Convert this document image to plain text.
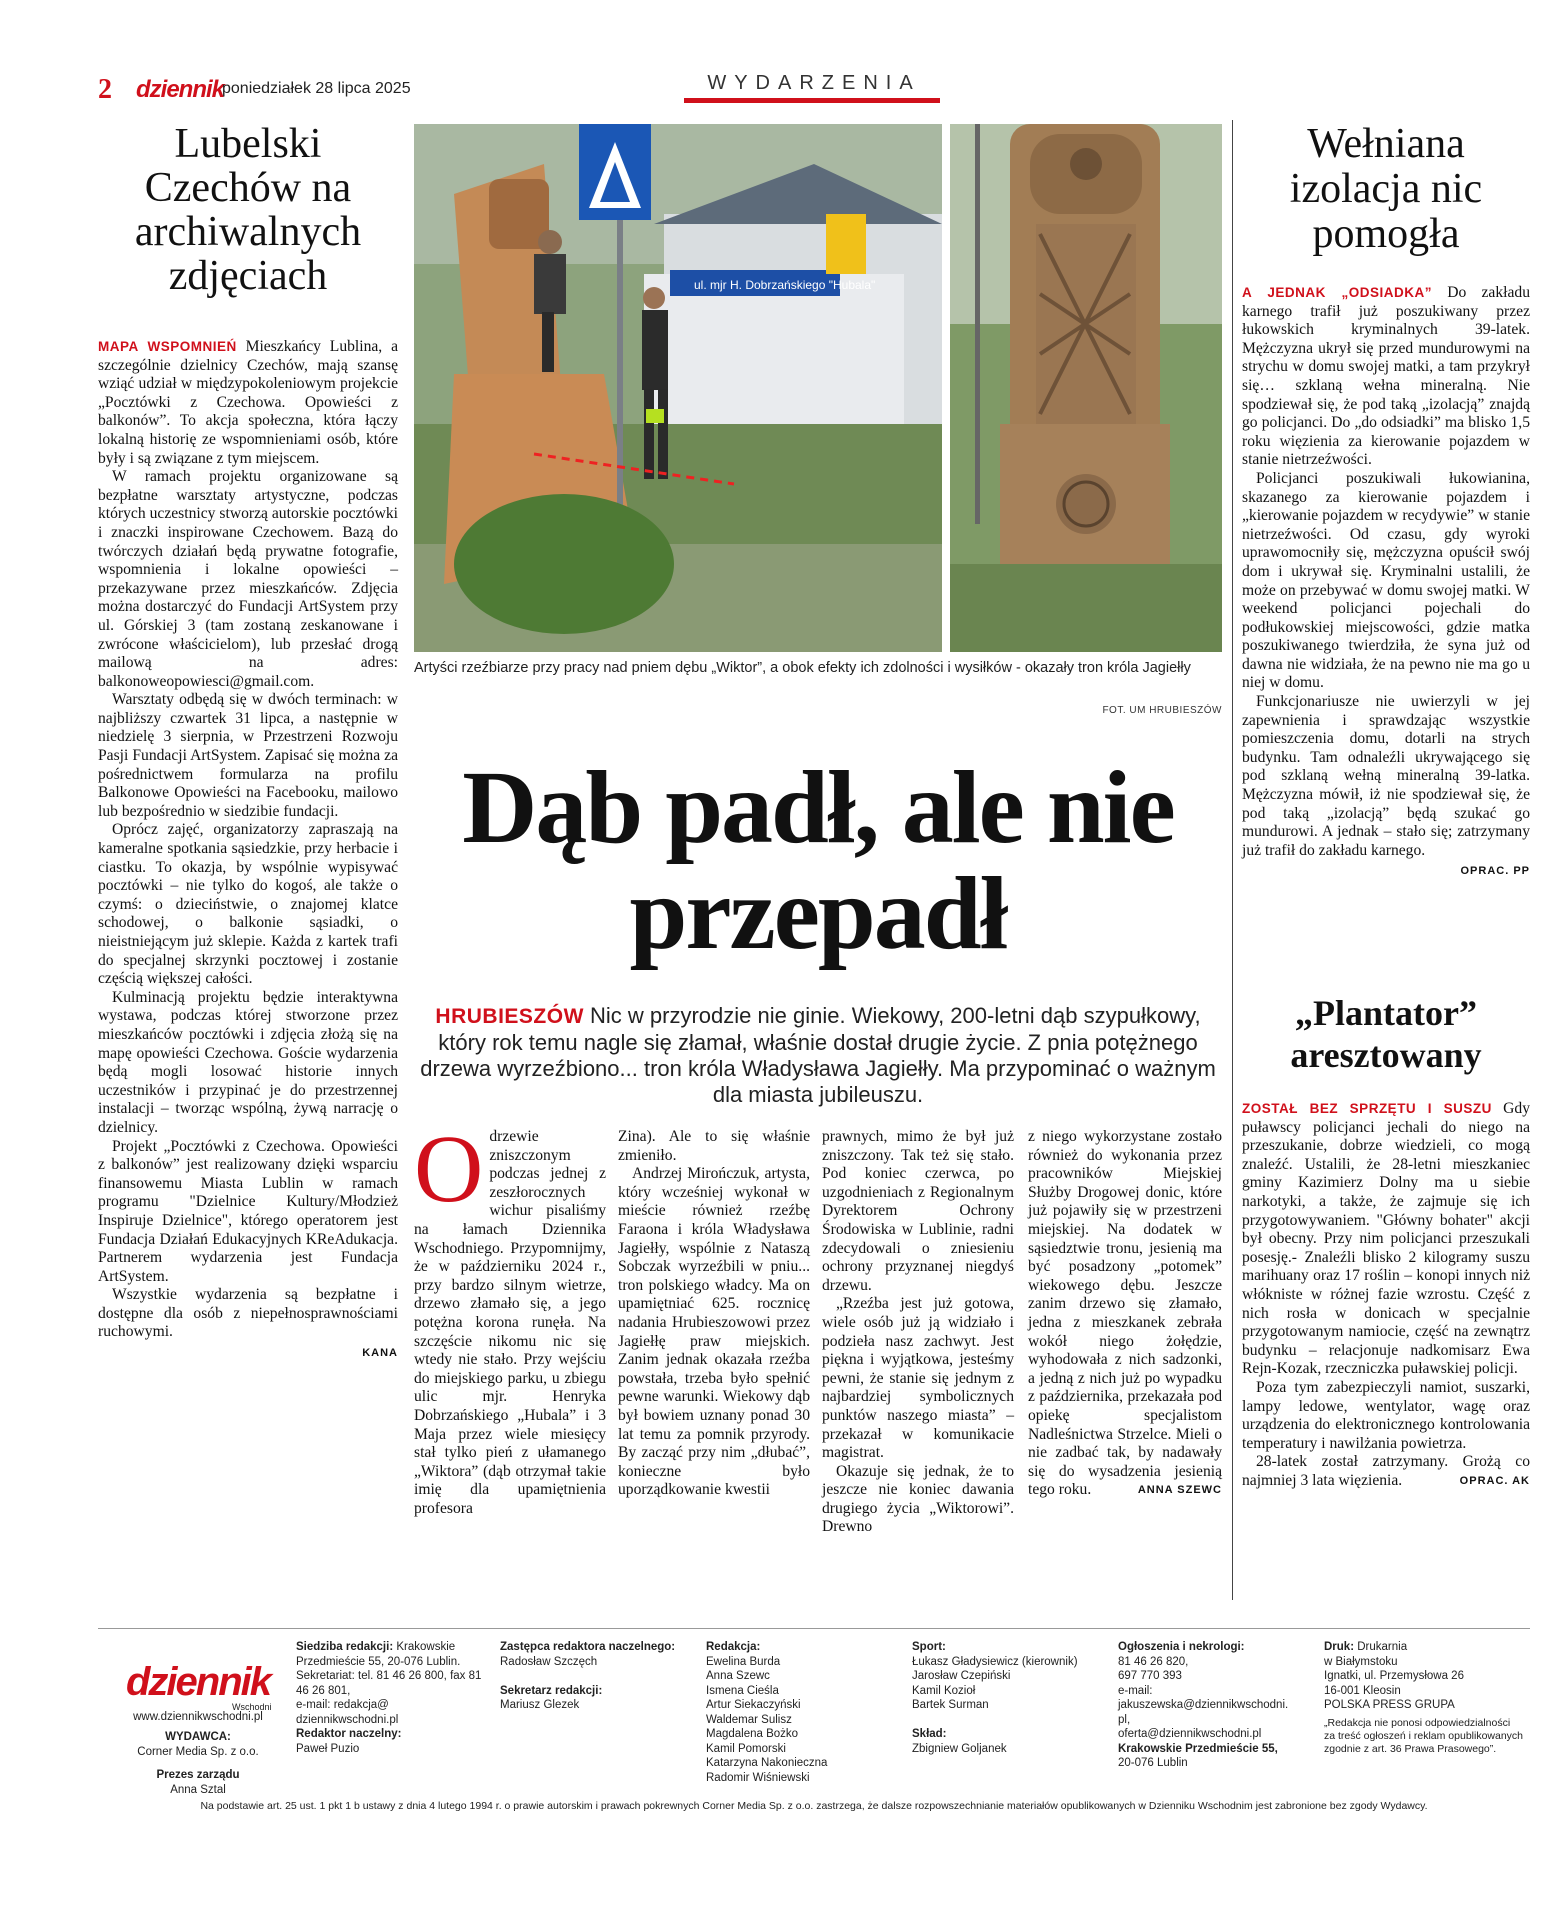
2 dziennik
poniedziałek 28 lipca 2025	WYDARZENIA
Lubelski Czechów na archiwalnych zdjęciach

MAPA WSPOMNIEŃ Mieszkańcy Lublina, a szczególnie dzielnicy Czechów, mają szansę wziąć udział w międzypokoleniowym projekcie „Pocztówki z Czechowa. Opowieści z balkonów”. To akcja społeczna, która łączy lokalną historię ze wspomnieniami osób, które były i są związane z tym miejscem.

W ramach projektu organizowane są bezpłatne warsztaty artystyczne, podczas których uczestnicy stworzą autorskie pocztówki i znaczki inspirowane Czechowem. Bazą do twórczych działań będą prywatne fotografie, wspomnienia i lokalne opowieści – przekazywane przez mieszkańców. Zdjęcia można dostarczyć do Fundacji ArtSystem przy ul. Górskiej 3 (tam zostaną zeskanowane i zwrócone właścicielom), lub przesłać drogą mailową na adres: balkonoweopowiesci@gmail.com.

Warsztaty odbędą się w dwóch terminach: w najbliższy czwartek 31 lipca, a następnie w niedzielę 3 sierpnia, w Przestrzeni Rozwoju Pasji Fundacji ArtSystem. Zapisać się można za pośrednictwem formularza na profilu Balkonowe Opowieści na Facebooku, mailowo lub bezpośrednio w siedzibie fundacji.

Oprócz zajęć, organizatorzy zapraszają na kameralne spotkania sąsiedzkie, przy herbacie i ciastku. To okazja, by wspólnie wypisywać pocztówki – nie tylko do kogoś, ale także o czymś: o dzieciństwie, o znajomej klatce schodowej, o balkonie sąsiadki, o nieistniejącym już sklepie. Każda z kartek trafi do specjalnej skrzynki pocztowej i zostanie częścią większej całości.

Kulminacją projektu będzie interaktywna wystawa, podczas której stworzone przez mieszkańców pocztówki i zdjęcia złożą się na mapę opowieści Czechowa. Goście wydarzenia będą mogli losować historie innych uczestników i przypinać je do przestrzennej instalacji – tworząc wspólną, żywą narrację o dzielnicy.

Projekt „Pocztówki z Czechowa. Opowieści z balkonów” jest realizowany dzięki wsparciu finansowemu Miasta Lublin w ramach programu "Dzielnice Kultury/Młodzież Inspiruje Dzielnice", którego operatorem jest Fundacja Działań Edukacyjnych KReAdukacja. Partnerem wydarzenia jest Fundacja ArtSystem.

Wszystkie wydarzenia są bezpłatne i dostępne dla osób z niepełnosprawnościami ruchowymi.

KANA
ul. mjr H. Dobrzańskiego "Hubala"
Artyści rzeźbiarze przy pracy nad pniem dębu „Wiktor”, a obok efekty ich zdolności i wysiłków - okazały tron króla Jagiełły
FOT. UM HRUBIESZÓW
Dąb padł, ale nie przepadł
HRUBIESZÓW Nic w przyrodzie nie ginie. Wiekowy, 200-letni dąb szypułkowy, który rok temu nagle się złamał, właśnie dostał drugie życie. Z pnia potężnego drzewa wyrzeźbiono... tron króla Władysława Jagiełły. Ma przypominać o ważnym dla miasta jubileuszu.

Odrzewie zniszczonym podczas jednej z zeszłorocznych wichur pisaliśmy na łamach Dziennika Wschodniego. Przypomnijmy, że w październiku 2024 r., przy bardzo silnym wietrze, drzewo złamało się, a jego potężna korona runęła. Na szczęście nikomu nic się wtedy nie stało. Przy wejściu do miejskiego parku, u zbiegu ulic mjr. Henryka Dobrzańskiego „Hubala” i 3 Maja przez wiele miesięcy stał tylko pień z ułamanego „Wiktora” (dąb otrzymał takie imię dla upamiętnienia profesora

Zina). Ale to się właśnie zmieniło.

Andrzej Mirończuk, artysta, który wcześniej wykonał w mieście również rzeźbę Faraona i króla Władysława Jagiełły, wspólnie z Nataszą Sobczak wyrzeźbili w pniu... tron polskiego władcy. Ma on upamiętniać 625. rocznicę nadania Hrubieszowowi przez Jagiełłę praw miejskich. Zanim jednak okazała rzeźba powstała, trzeba było spełnić pewne warunki. Wiekowy dąb był bowiem uznany ponad 30 lat temu za pomnik przyrody. By zacząć przy nim „dłubać”, konieczne było uporządkowanie kwestii

prawnych, mimo że był już zniszczony. Tak też się stało. Pod koniec czerwca, po uzgodnieniach z Regionalnym Dyrektorem Ochrony Środowiska w Lublinie, radni zdecydowali o zniesieniu ochrony przyznanej niegdyś drzewu.

„Rzeźba jest już gotowa, wiele osób już ją widziało i podzieła nasz zachwyt. Jest piękna i wyjątkowa, jesteśmy pewni, że stanie się jednym z najbardziej symbolicznych punktów naszego miasta” – przekazał w komunikacie magistrat.

Okazuje się jednak, że to jeszcze nie koniec dawania drugiego życia „Wiktorowi”. Drewno

z niego wykorzystane zostało również do wykonania przez pracowników Miejskiej Służby Drogowej donic, które już pojawiły się w przestrzeni miejskiej. Na dodatek w sąsiedztwie tronu, jesienią ma być posadzony „potomek” wiekowego dębu. Jeszcze zanim drzewo się złamało, jedna z mieszkanek zebrała wokół niego żołędzie, wyhodowała z nich sadzonki, a jedną z nich już po wypadku z października, przekazała pod opiekę specjalistom Nadleśnictwa Strzelce. Mieli o nie zadbać tak, by nadawały się do wysadzenia jesienią tego roku.	ANNA SZEWC

Wełniana izolacja nic pomogła

A JEDNAK „ODSIADKA” Do zakładu karnego trafił już poszukiwany przez łukowskich kryminalnych 39-latek. Mężczyzna ukrył się przed mundurowymi na strychu w domu swojej matki, a tam przykrył się… szklaną wełna mineralną. Nie spodziewał się, że pod taką „izolacją” znajdą go policjanci. Do „do odsiadki” ma blisko 1,5 roku więzienia za kierowanie pojazdem w stanie nietrzeźwości.

Policjanci poszukiwali łukowianina, skazanego za kierowanie pojazdem i „kierowanie pojazdem w recydywie” w stanie nietrzeźwości. Od czasu, gdy wyroki uprawomocniły się, mężczyzna opuścił swój dom i ukrywał się. Kryminalni ustalili, że może on przebywać w domu swojej matki. W weekend policjanci pojechali do podłukowskiej miejscowości, gdzie matka poszukiwanego twierdziła, że syna już od dawna nie widziała, że na pewno nie ma go u niej w domu.

Funkcjonariusze nie uwierzyli w jej zapewnienia i sprawdzając wszystkie pomieszczenia domu, dotarli na strych budynku. Tam odnaleźli ukrywającego się pod szklaną wełną mineralną 39-latka. Mężczyzna mówił, iż nie spodziewał się, że pod taką „izolacją” będą szukać go mundurowi. A jednak – stało się; zatrzymany już trafił do zakładu karnego.

OPRAC. PP
„Plantator” aresztowany

ZOSTAŁ BEZ SPRZĘTU I SUSZU Gdy puławscy policjanci jechali do niego na przeszukanie, dobrze wiedzieli, co mogą znaleźć. Ustalili, że 28-letni mieszkaniec gminy Kazimierz Dolny ma u siebie narkotyki, a także, że zajmuje się ich przygotowywaniem. "Główny bohater" akcji był obecny. Przy nim policjanci przeszukali posesję.- Znaleźli blisko 2 kilogramy suszu marihuany oraz 17 roślin – konopi innych niż włókniste w różnej fazie wzrostu. Część z nich rosła w donicach w specjalnie przygotowanym namiocie, część na zewnątrz budynku – relacjonuje nadkomisarz Ewa Rejn-Kozak, rzeczniczka puławskiej policji.

Poza tym zabezpieczyli namiot, suszarki, lampy ledowe, wentylator, wagę oraz urządzenia do elektronicznego kontrolowania temperatury i nawilżania powietrza.

28-latek został zatrzymany. Grożą co najmniej 3 lata więzienia.	OPRAC. AK

dziennik
Wschodni
www.dziennikwschodni.pl
WYDAWCA:
Corner Media Sp. z o.o.
Prezes zarządu
Anna Sztal
Siedziba redakcji: Krakowskie Przedmieście 55, 20-076 Lublin.
Sekretariat: tel. 81 46 26 800, fax 81 46 26 801,
e-mail: redakcja@ dziennikwschodni.pl
Redaktor naczelny:
Paweł Puzio
Zastępca redaktora naczelnego:
Radosław Szczęch

Sekretarz redakcji:
Mariusz Glezek
Redakcja:
Ewelina Burda
Anna Szewc
Ismena Cieśla
Artur Siekaczyński
Waldemar Sulisz
Magdalena Bożko
Kamil Pomorski
Katarzyna Nakonieczna
Radomir Wiśniewski
Sport:
Łukasz Gładysiewicz (kierownik)
Jarosław Czepiński
Kamil Kozioł
Bartek Surman

Skład:
Zbigniew Goljanek
Ogłoszenia i nekrologi:
81 46 26 820,
697 770 393
e-mail:
jakuszewska@dziennikwschodni.
pl,
oferta@dziennikwschodni.pl
Krakowskie Przedmieście 55,
20-076 Lublin
Druk: Drukarnia
w Białymstoku
Ignatki, ul. Przemysłowa 26
16-001 Kleosin
POLSKA PRESS GRUPA

„Redakcja nie ponosi odpowiedzialności za treść ogłoszeń i reklam opublikowanych zgodnie z art. 36 Prawa Prasowego”.
Na podstawie art. 25 ust. 1 pkt 1 b ustawy z dnia 4 lutego 1994 r. o prawie autorskim i prawach pokrewnych Corner Media Sp. z o.o. zastrzega, że dalsze rozpowszechnianie materiałów opublikowanych w Dzienniku Wschodnim jest zabronione bez zgody Wydawcy.
